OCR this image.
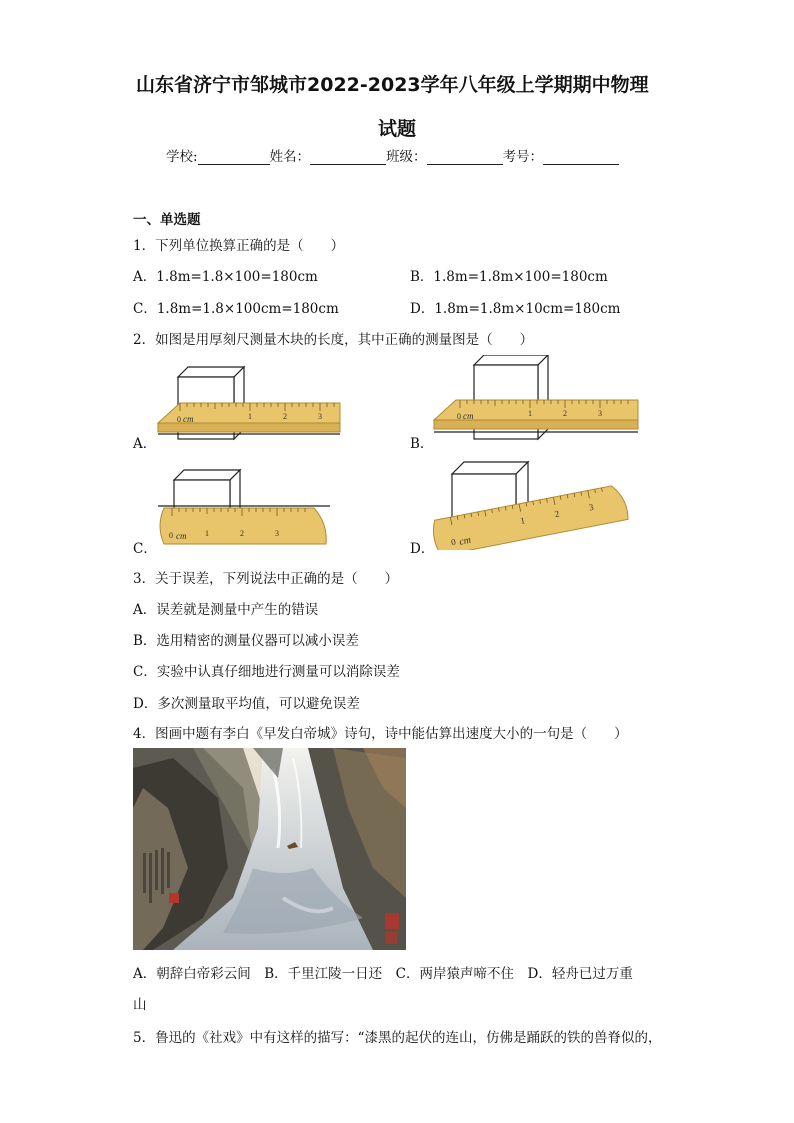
山东省济宁市邹城市2022-2023学年八年级上学期期中物理
试题
学校:	姓名：	班级：	考号：
一、单选题
1．下列单位换算正确的是（　　）
A．1.8m=1.8×100=180cm	B．1.8m=1.8m×100=180cm
C．1.8m=1.8×100cm=180cm	D．1.8m=1.8m×10cm=180cm
2．如图是用厚刻尺测量木块的长度，其中正确的测量图是（　　）
A．
0 cm	1	2	3
B．
0 cm	1	2	3
C．
0 cm 1	2	3
D． 0 cm
1
2
3
3．关于误差，下列说法中正确的是（　　）
A．误差就是测量中产生的错误
B．选用精密的测量仪器可以减小误差
C．实验中认真仔细地进行测量可以消除误差
D．多次测量取平均值，可以避免误差
4．图画中题有李白《早发白帝城》诗句，诗中能估算出速度大小的一句是（　　）
A．朝辞白帝彩云间　B．千里江陵一日还　C．两岸猿声啼不住　D．轻舟已过万重
山
5．鲁迅的《社戏》中有这样的描写：“漆黑的起伏的连山，仿佛是踊跃的铁的兽脊似的，
